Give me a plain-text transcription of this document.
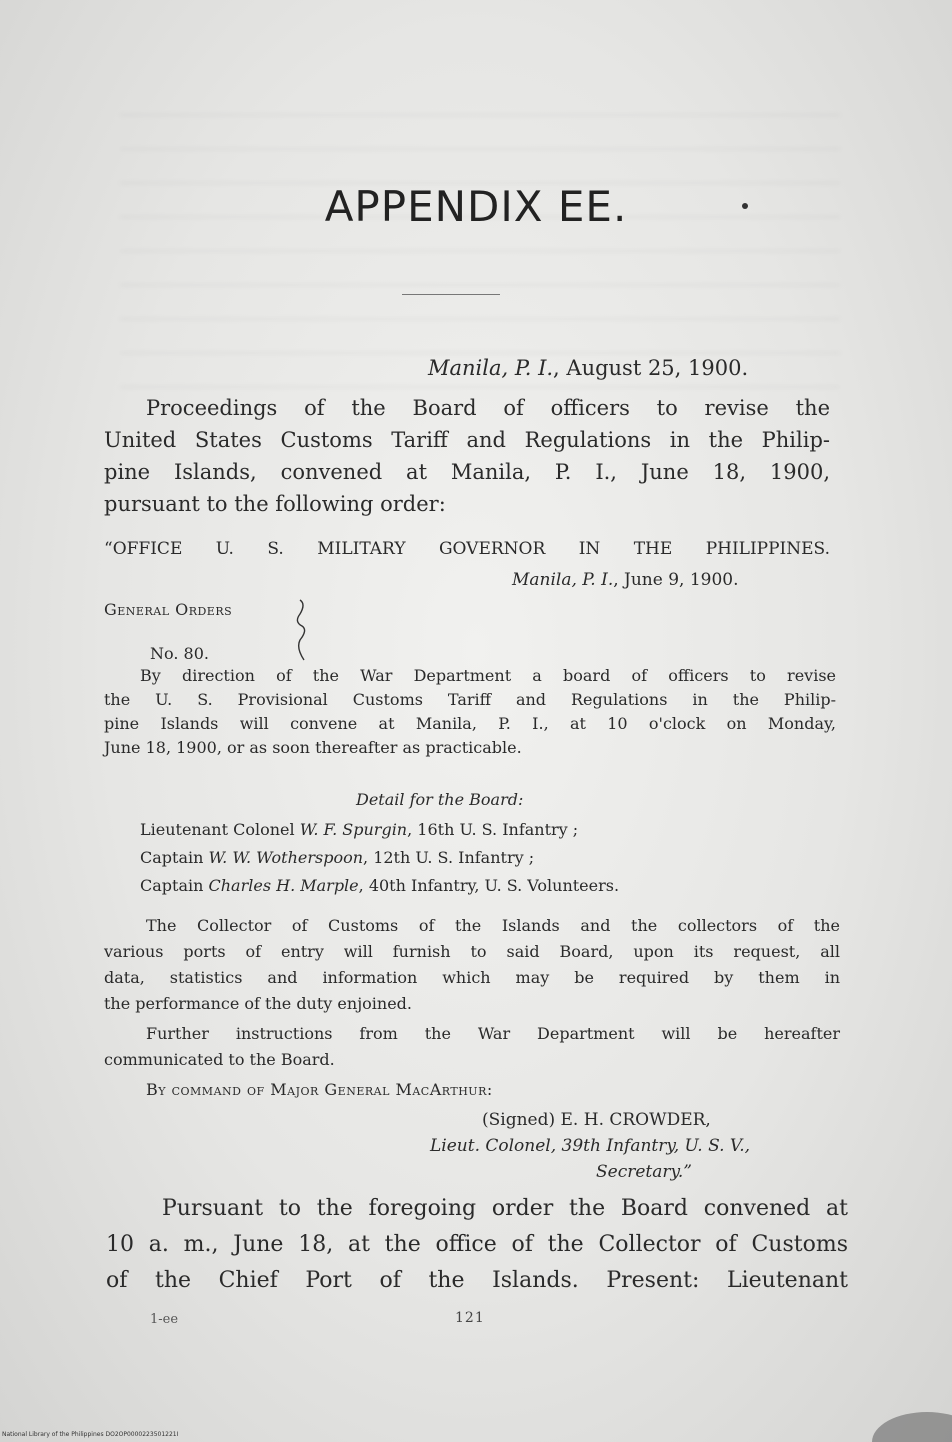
APPENDIX EE.
Manila, P. I., August 25, 1900.
Proceedings of the Board of officers to revise the
United States Customs Tariff and Regulations in the Philip-
pine Islands, convened at Manila, P. I., June 18, 1900,
pursuant to the following order:
“OFFICE U. S. MILITARY GOVERNOR IN THE PHILIPPINES.
Manila, P. I., June 9, 1900.
General Orders
No. 80.
By direction of the War Department a board of officers to revise
the U. S. Provisional Customs Tariff and Regulations in the Philip-
pine Islands will convene at Manila, P. I., at 10 o'clock on Monday,
June 18, 1900, or as soon thereafter as practicable.
Detail for the Board:
Lieutenant Colonel W. F. Spurgin, 16th U. S. Infantry ;
Captain W. W. Wotherspoon, 12th U. S. Infantry ;
Captain Charles H. Marple, 40th Infantry, U. S. Volunteers.
The Collector of Customs of the Islands and the collectors of the
various ports of entry will furnish to said Board, upon its request, all
data, statistics and information which may be required by them in
the performance of the duty enjoined.
Further instructions from the War Department will be hereafter
communicated to the Board.
By command of Major General MacArthur:
(Signed) E. H. CROWDER,
Lieut. Colonel, 39th Infantry, U. S. V.,
Secretary.”
Pursuant to the foregoing order the Board convened at
10 a. m., June 18, at the office of the Collector of Customs
of the Chief Port of the Islands. Present: Lieutenant
1-ee	121
National Library of the Philippines DO2OP0000223501221I
